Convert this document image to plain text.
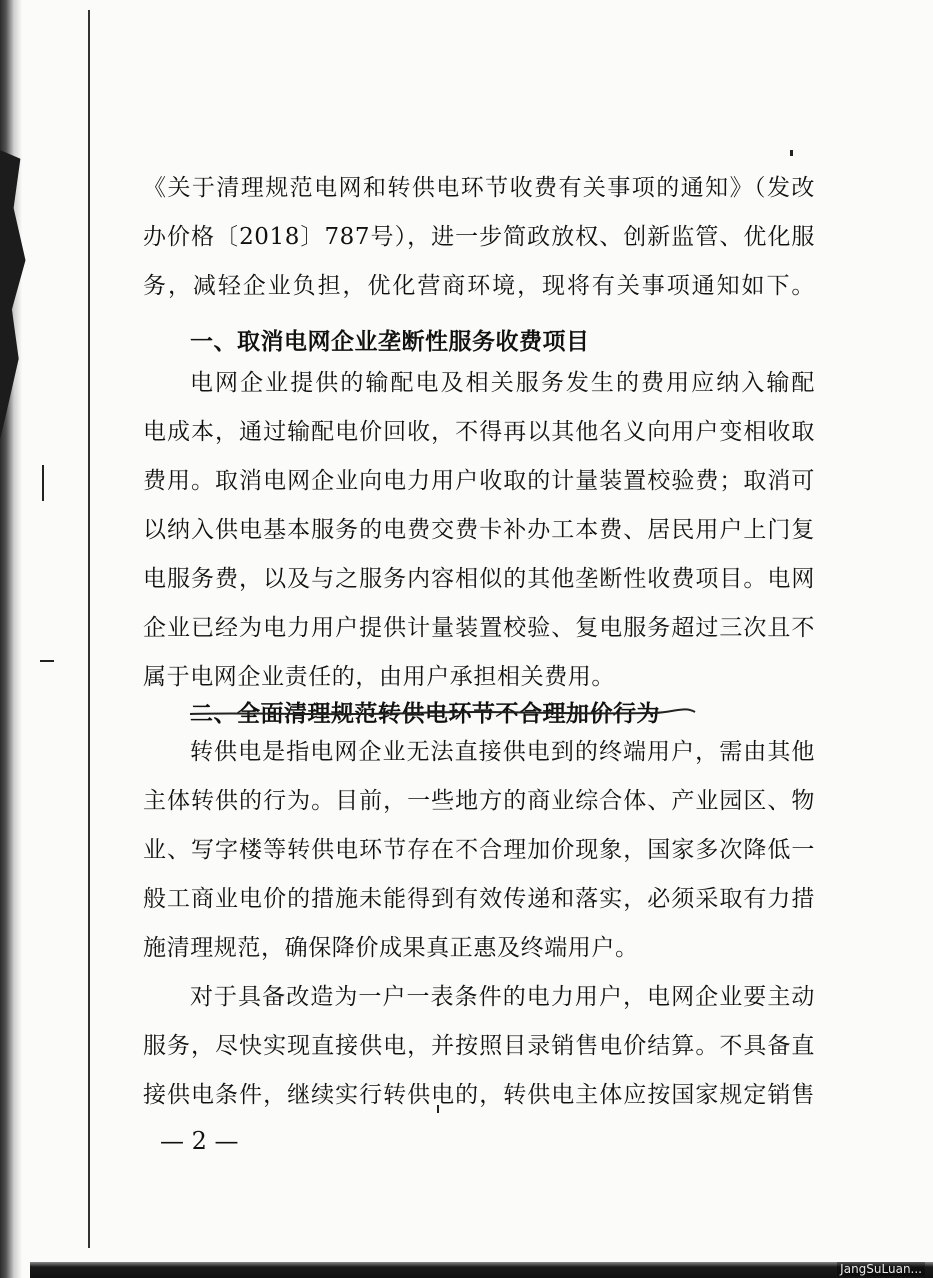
《关于清理规范电网和转供电环节收费有关事项的通知》（发改
办价格〔2018〕787号），进一步简政放权、创新监管、优化服
务，减轻企业负担，优化营商环境，现将有关事项通知如下。
一、取消电网企业垄断性服务收费项目
电网企业提供的输配电及相关服务发生的费用应纳入输配
电成本，通过输配电价回收，不得再以其他名义向用户变相收取
费用。取消电网企业向电力用户收取的计量装置校验费；取消可
以纳入供电基本服务的电费交费卡补办工本费、居民用户上门复
电服务费，以及与之服务内容相似的其他垄断性收费项目。电网
企业已经为电力用户提供计量装置校验、复电服务超过三次且不
属于电网企业责任的，由用户承担相关费用。
二、全面清理规范转供电环节不合理加价行为
转供电是指电网企业无法直接供电到的终端用户，需由其他
主体转供的行为。目前，一些地方的商业综合体、产业园区、物
业、写字楼等转供电环节存在不合理加价现象，国家多次降低一
般工商业电价的措施未能得到有效传递和落实，必须采取有力措
施清理规范，确保降价成果真正惠及终端用户。
对于具备改造为一户一表条件的电力用户，电网企业要主动
服务，尽快实现直接供电，并按照目录销售电价结算。不具备直
接供电条件，继续实行转供电的，转供电主体应按国家规定销售
— 2 —
JangSuLuan...
